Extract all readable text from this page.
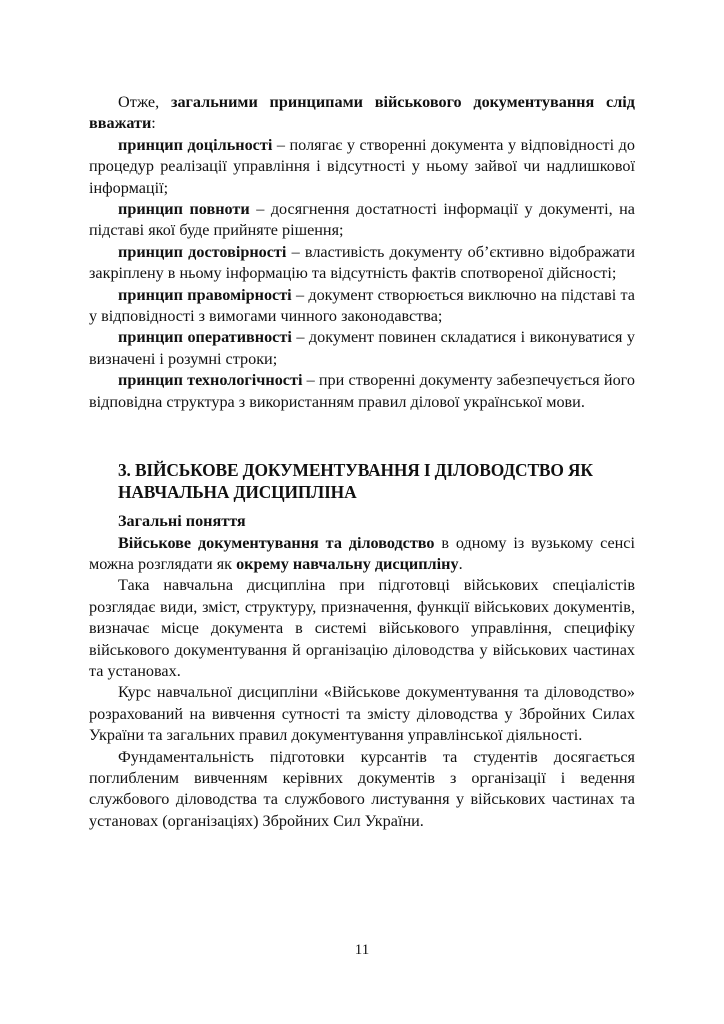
Отже, загальними принципами військового документування слід вважати:

принцип доцільності – полягає у створенні документа у відповідності до процедур реалізації управління і відсутності у ньому зайвої чи надлишкової інформації;

принцип повноти – досягнення достатності інформації у документі, на підставі якої буде прийняте рішення;

принцип достовірності – властивість документу об’єктивно відображати закріплену в ньому інформацію та відсутність фактів спотвореної дійсності;

принцип правомірності – документ створюється виключно на підставі та у відповідності з вимогами чинного законодавства;

принцип оперативності – документ повинен складатися і виконуватися у визначені і розумні строки;

принцип технологічності – при створенні документу забезпечується його відповідна структура з використанням правил ділової української мови.

3. ВІЙСЬКОВЕ ДОКУМЕНТУВАННЯ І ДІЛОВОДСТВО ЯК НАВЧАЛЬНА ДИСЦИПЛІНА

Загальні поняття

Військове документування та діловодство в одному із вузькому сенсі можна розглядати як окрему навчальну дисципліну.

Така навчальна дисципліна при підготовці військових спеціалістів розглядає види, зміст, структуру, призначення, функції військових документів, визначає місце документа в системі військового управління, специфіку військового документування й організацію діловодства у військових частинах та установах.

Курс навчальної дисципліни «Військове документування та діловодство» розрахований на вивчення сутності та змісту діловодства у Збройних Силах України та загальних правил документування управлінської діяльності.

Фундаментальність підготовки курсантів та студентів досягається поглибленим вивченням керівних документів з організації і ведення службового діловодства та службового листування у військових частинах та установах (організаціях) Збройних Сил України.

11
